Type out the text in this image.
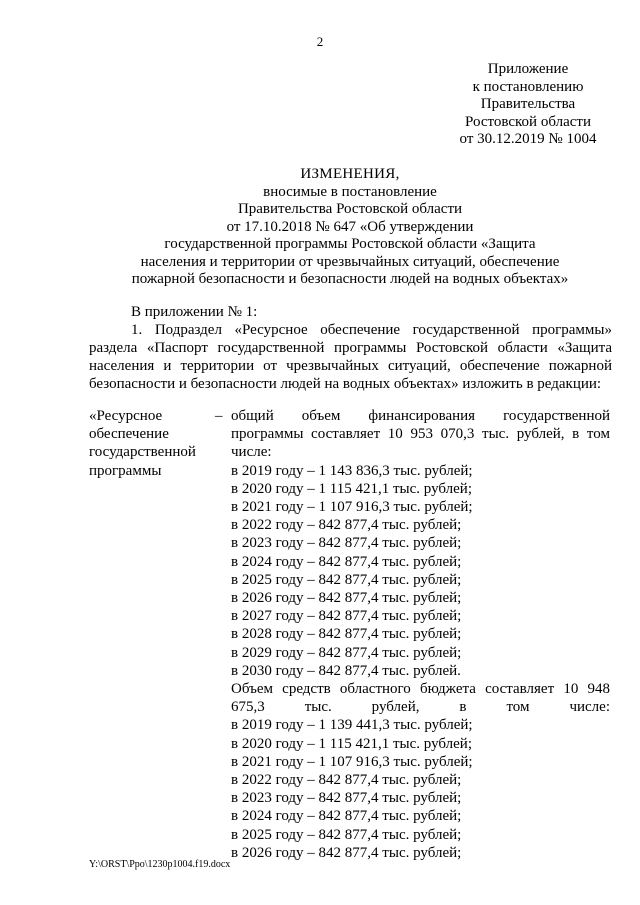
2
Приложение
к постановлению
Правительства
Ростовской области
от 30.12.2019 № 1004
ИЗМЕНЕНИЯ,
вносимые в постановление
Правительства Ростовской области
от 17.10.2018 № 647 «Об утверждении
государственной программы Ростовской области «Защита
населения и территории от чрезвычайных ситуаций, обеспечение
пожарной безопасности и безопасности людей на водных объектах»

В приложении № 1:

1. Подраздел «Ресурсное обеспечение государственной программы» раздела «Паспорт государственной программы Ростовской области «Защита населения и территории от чрезвычайных ситуаций, обеспечение пожарной безопасности и безопасности людей на водных объектах» изложить в редакции:

«Ресурсное
обеспечение
государственной
программы
– общий объем финансирования государственной программы составляет 10 953 070,3 тыс. рублей, в том числе:

в 2019 году – 1 143 836,3 тыс. рублей;

в 2020 году – 1 115 421,1 тыс. рублей;

в 2021 году – 1 107 916,3 тыс. рублей;

в 2022 году – 842 877,4 тыс. рублей;

в 2023 году – 842 877,4 тыс. рублей;

в 2024 году – 842 877,4 тыс. рублей;

в 2025 году – 842 877,4 тыс. рублей;

в 2026 году – 842 877,4 тыс. рублей;

в 2027 году – 842 877,4 тыс. рублей;

в 2028 году – 842 877,4 тыс. рублей;

в 2029 году – 842 877,4 тыс. рублей;

в 2030 году – 842 877,4 тыс. рублей.

Объем средств областного бюджета составляет 10 948 675,3 тыс. рублей, в том числе:

в 2019 году – 1 139 441,3 тыс. рублей;

в 2020 году – 1 115 421,1 тыс. рублей;

в 2021 году – 1 107 916,3 тыс. рублей;

в 2022 году – 842 877,4 тыс. рублей;

в 2023 году – 842 877,4 тыс. рублей;

в 2024 году – 842 877,4 тыс. рублей;

в 2025 году – 842 877,4 тыс. рублей;

в 2026 году – 842 877,4 тыс. рублей;

Y:\ORST\Ppo\1230p1004.f19.docx
